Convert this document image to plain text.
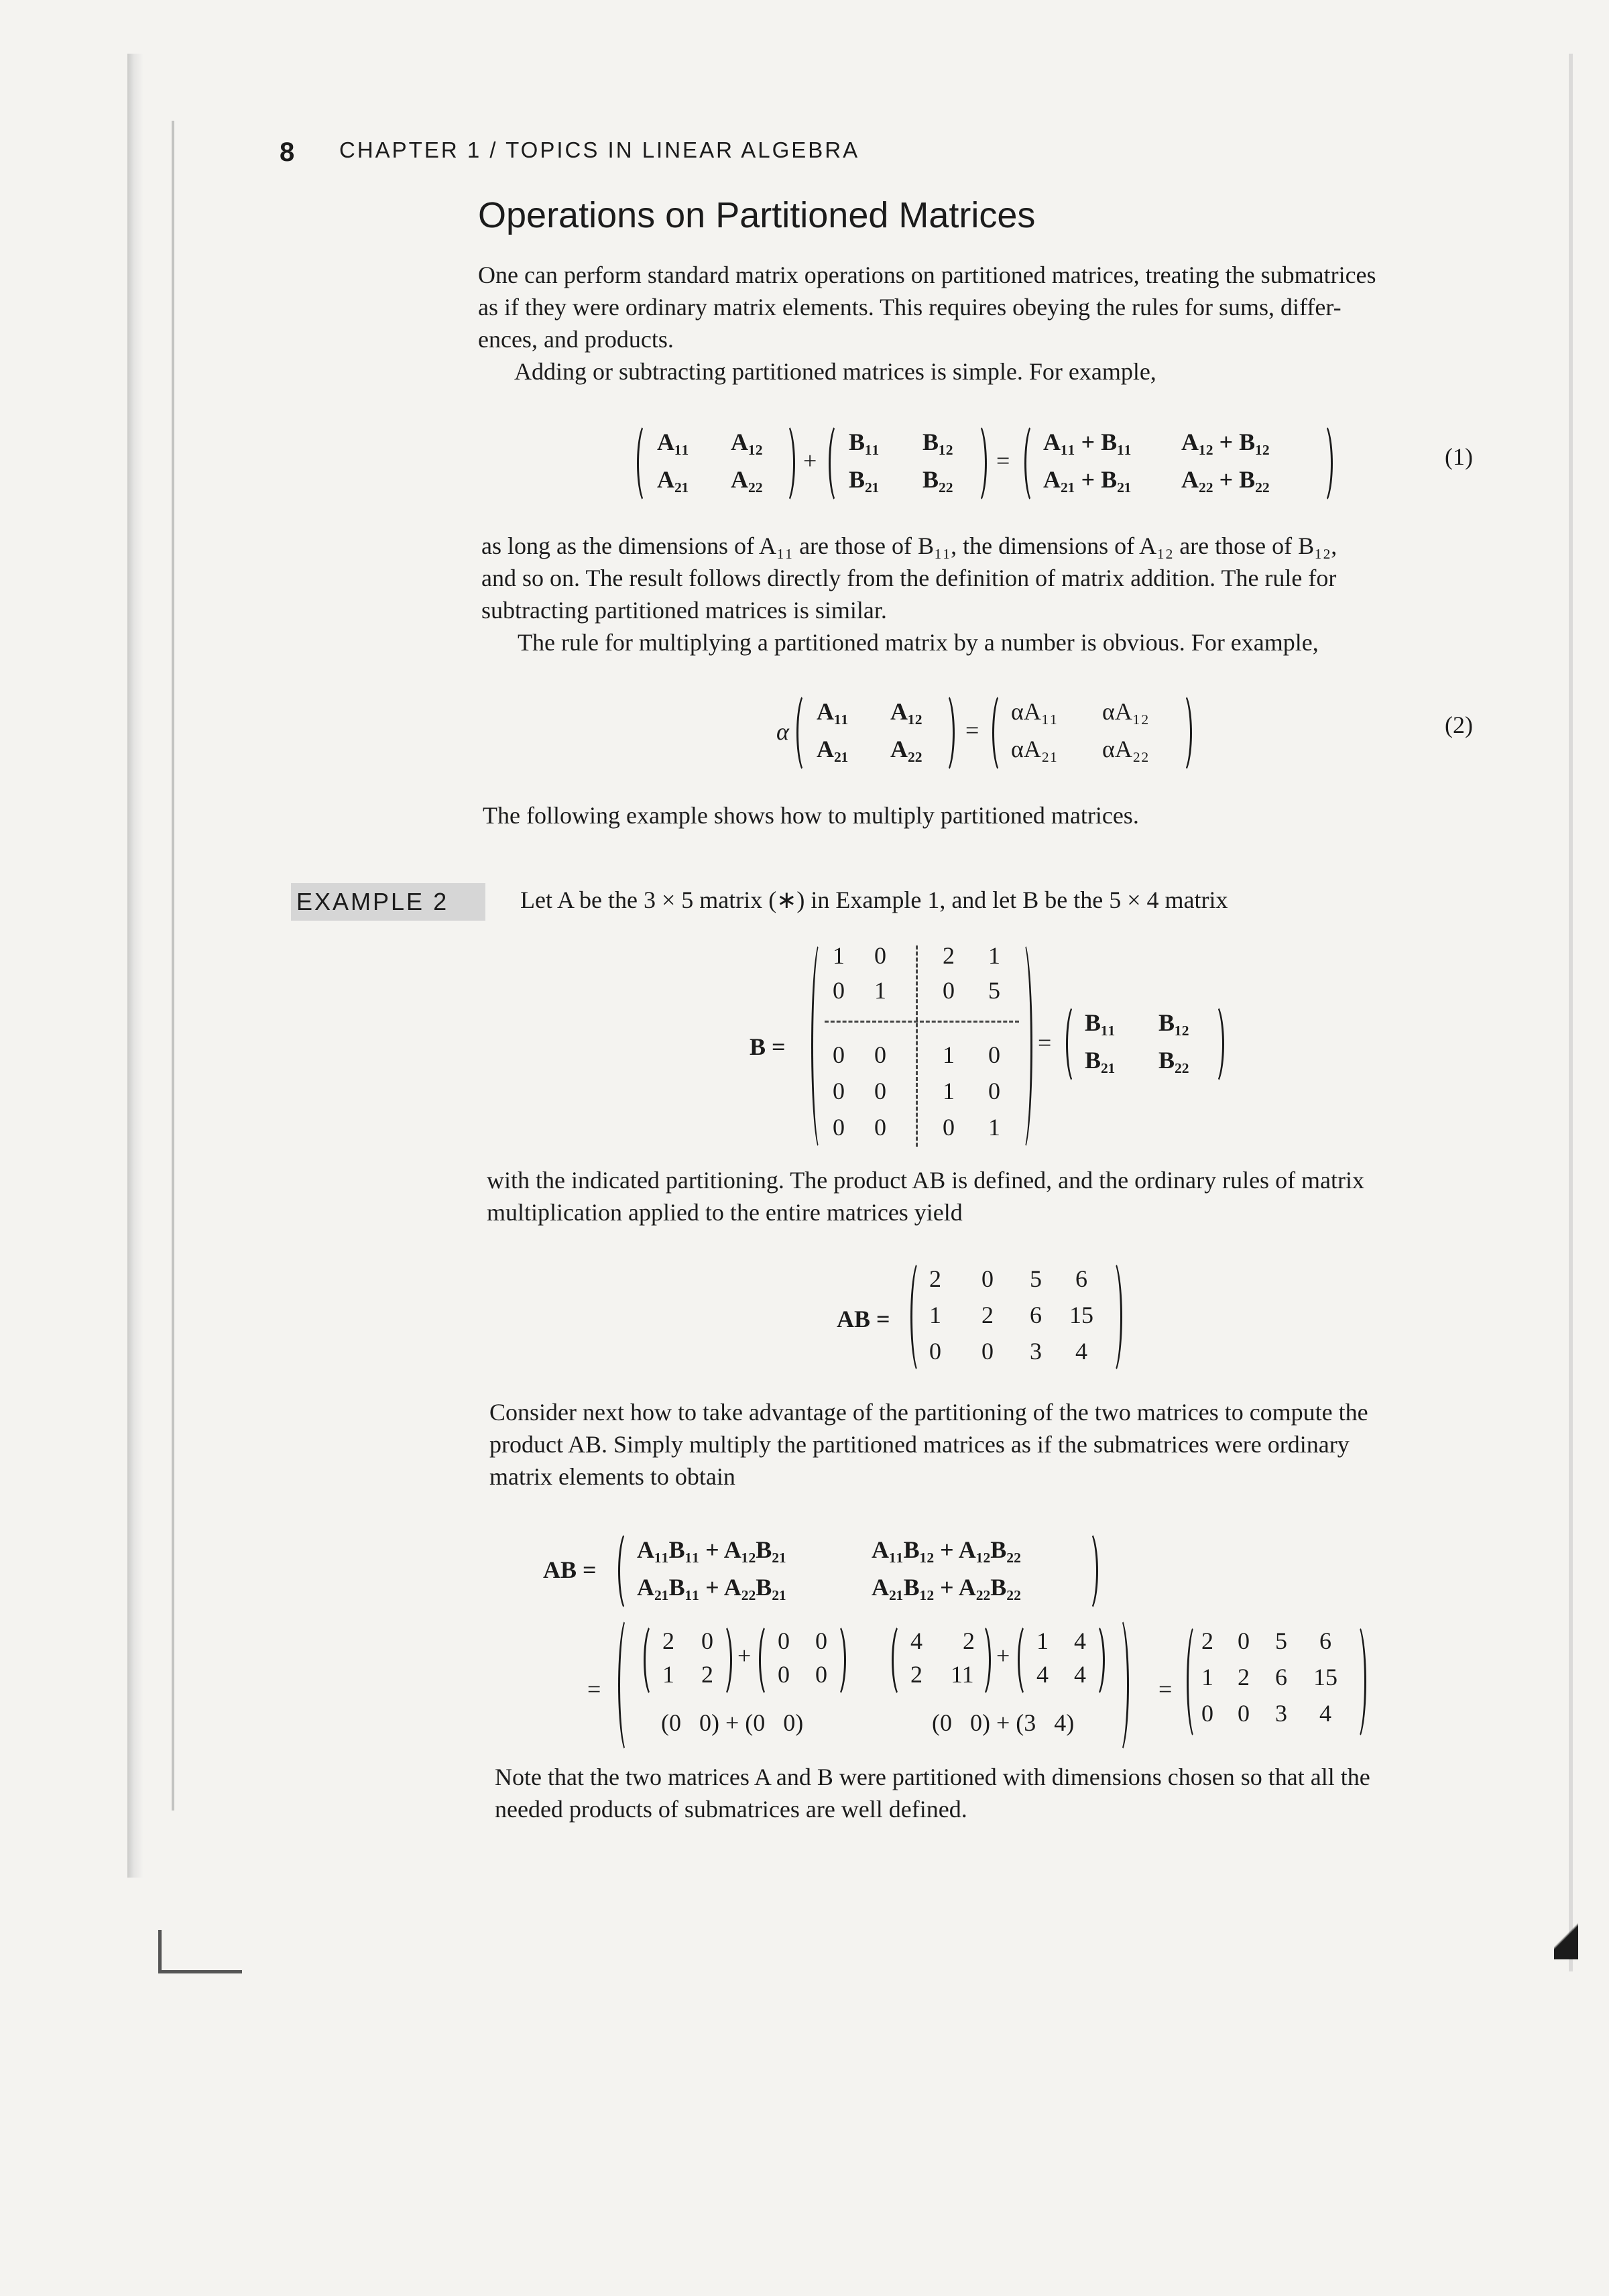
8 CHAPTER 1 / TOPICS IN LINEAR ALGEBRA
Operations on Partitioned Matrices
One can perform standard matrix operations on partitioned matrices, treating the submatrices
as if they were ordinary matrix elements. This requires obeying the rules for sums, differ-
ences, and products.
Adding or subtracting partitioned matrices is simple. For example,
A₁₁ A₁₂
A₂₁ A₂₂
+
B₁₁ B₁₂
B₂₁ B₂₂
=
A₁₁ + B₁₁ A₁₂ + B₁₂
A₂₁ + B₂₁ A₂₂ + B₂₂
(1)
as long as the dimensions of A₁₁ are those of B₁₁, the dimensions of A₁₂ are those of B₁₂,
and so on. The result follows directly from the definition of matrix addition. The rule for
subtracting partitioned matrices is similar.
The rule for multiplying a partitioned matrix by a number is obvious. For example,
α
A₁₁ A₁₂
A₂₁ A₂₂
=
αA₁₁ αA₁₂
αA₂₁ αA₂₂
(2)
The following example shows how to multiply partitioned matrices.
EXAMPLE 2	Let A be the 3 × 5 matrix (∗) in Example 1, and let B be the 5 × 4 matrix
B =
1	0	2	1
0	1	0	5
0	0	1	0
0	0	1	0
0	0	0	1
=
B₁₁ B₁₂
B₂₁ B₂₂
with the indicated partitioning. The product AB is defined, and the ordinary rules of matrix
multiplication applied to the entire matrices yield
AB =
2	0	5	6
1	2	6	15
0	0	3	4
Consider next how to take advantage of the partitioning of the two matrices to compute the
product AB. Simply multiply the partitioned matrices as if the submatrices were ordinary
matrix elements to obtain
AB =
A₁₁B₁₁ + A₁₂B₂₁	A₁₁B₁₂ + A₁₂B₂₂
A₂₁B₁₁ + A₂₂B₂₁	A₂₁B₁₂ + A₂₂B₂₂
=
2 0
1 2
+
0 0
0 0
4 2
2 11
+
1 4
4 4
(0   0) + (0   0)	(0   0) + (3   4)
=
2	0	5	6
1	2	6	15
0	0	3	4
Note that the two matrices A and B were partitioned with dimensions chosen so that all the
needed products of submatrices are well defined.
